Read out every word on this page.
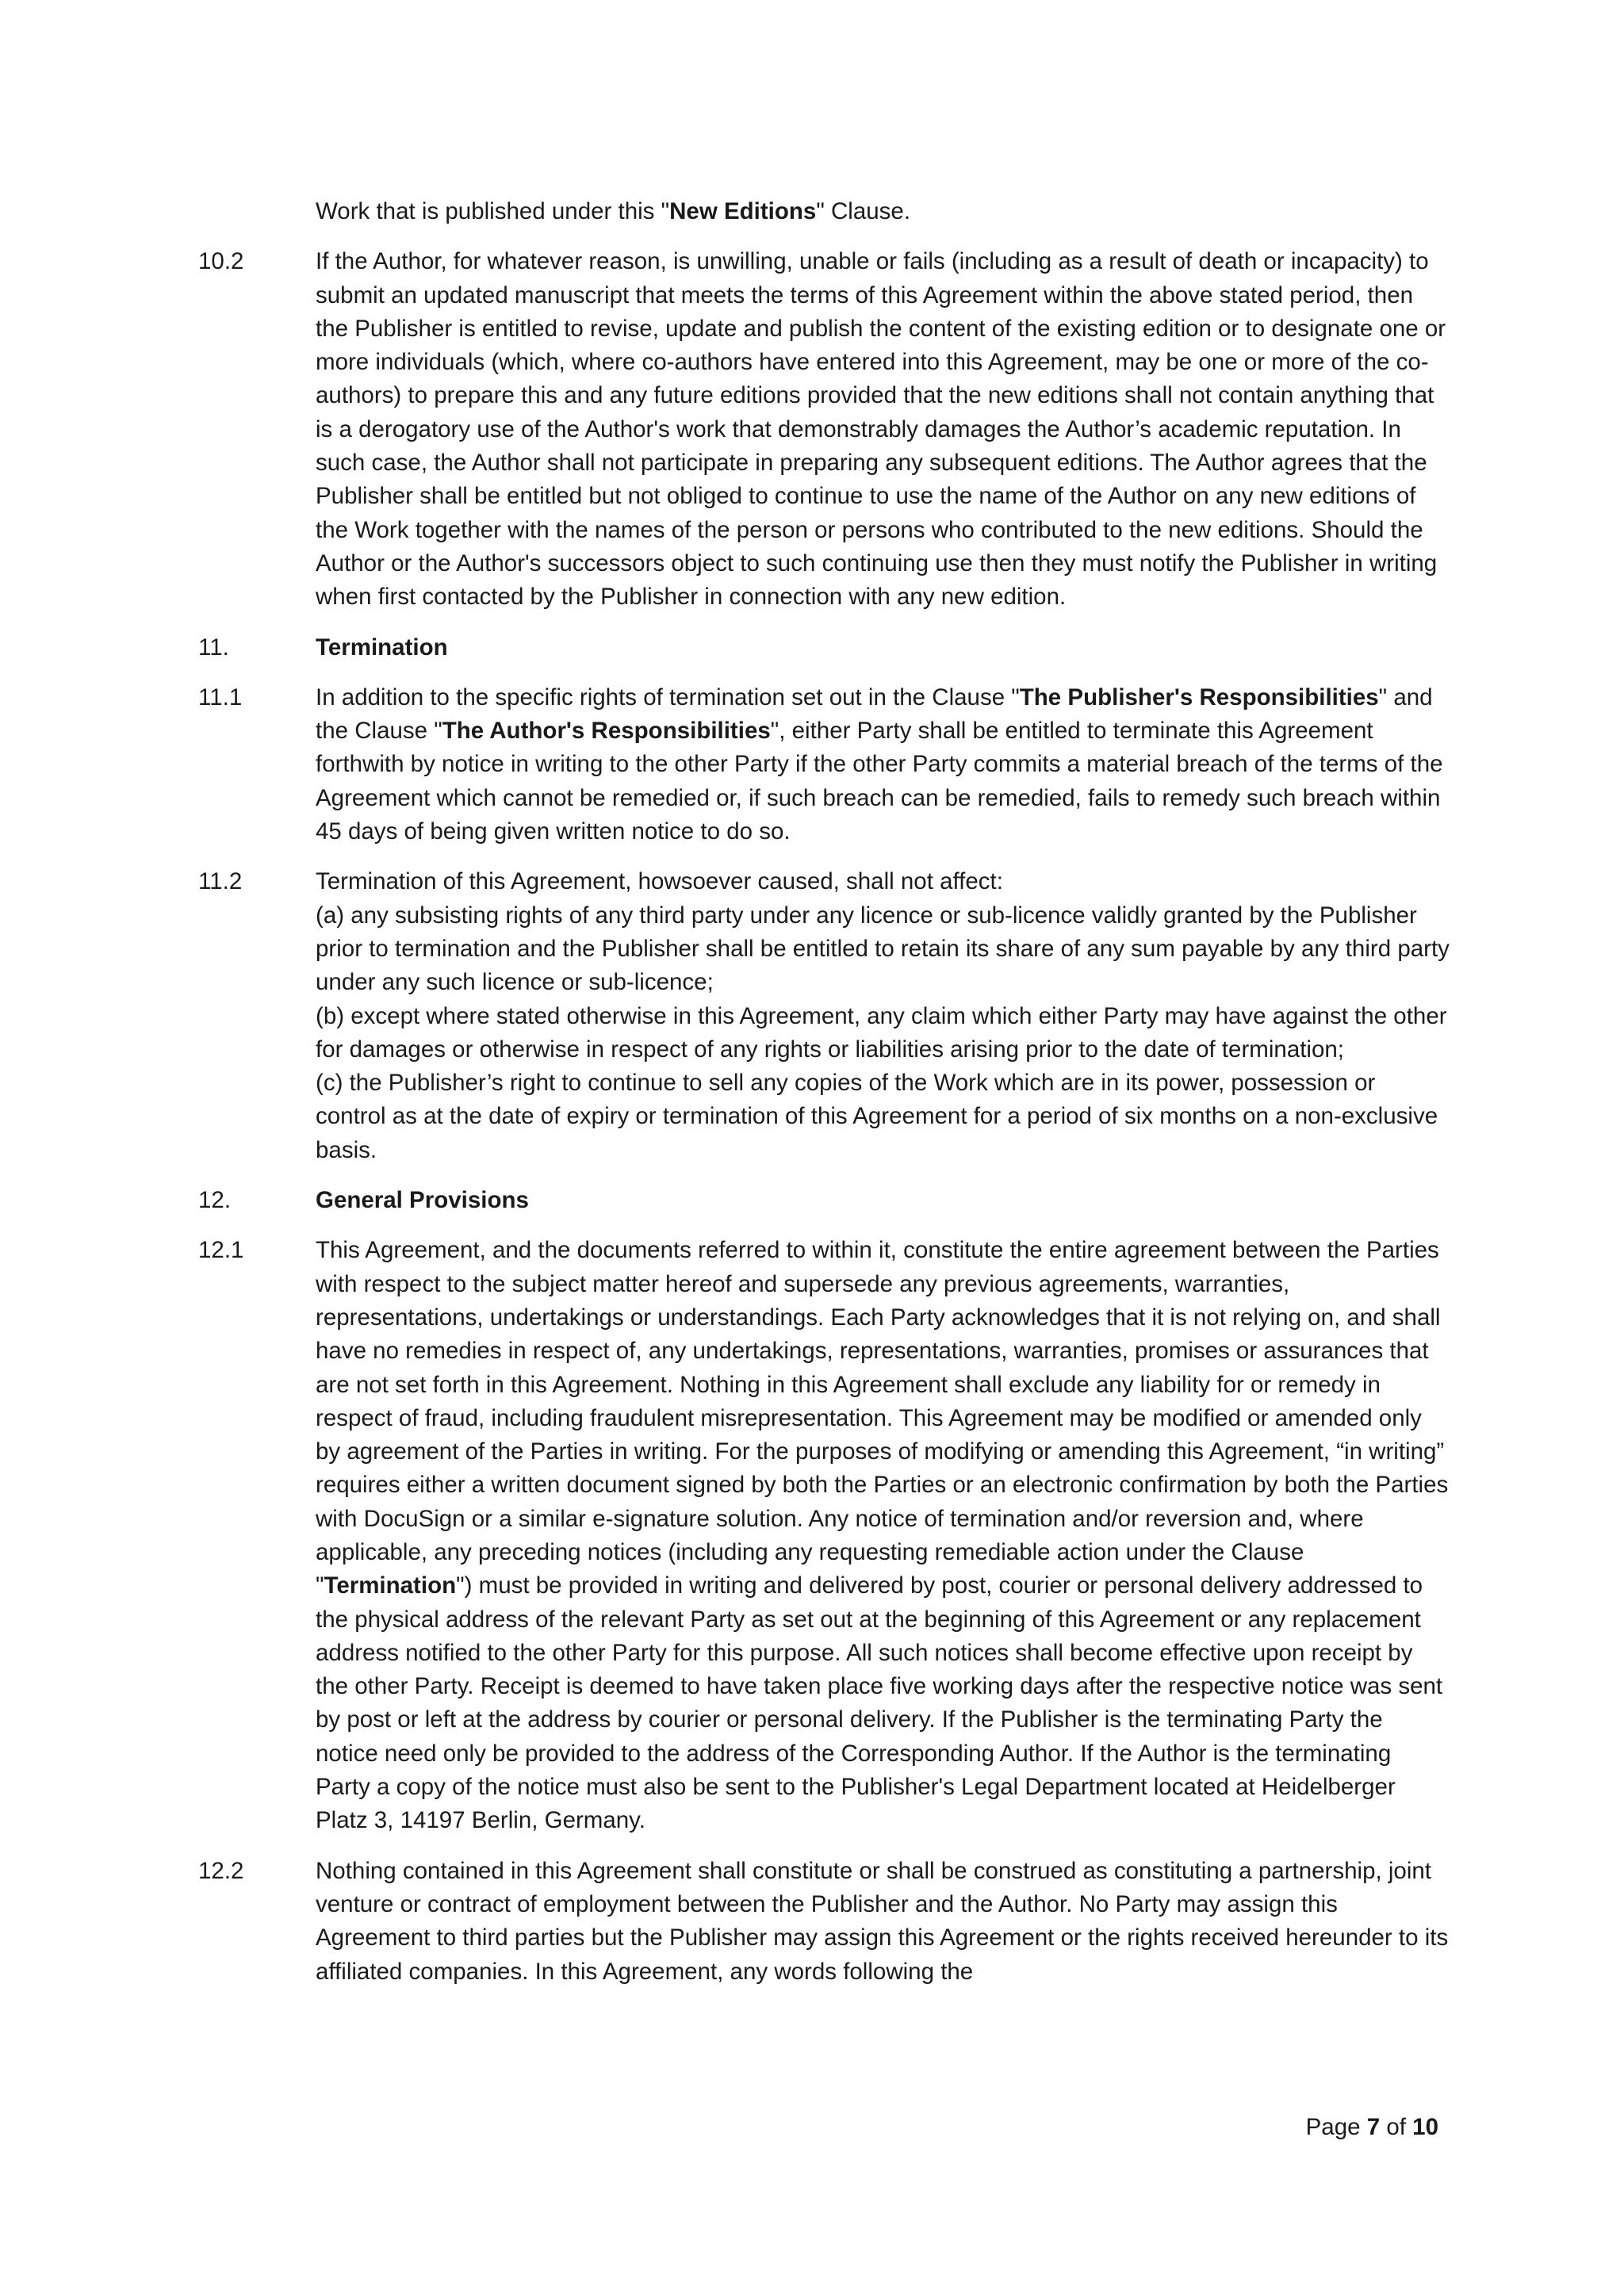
Work that is published under this "New Editions" Clause.
10.2	If the Author, for whatever reason, is unwilling, unable or fails (including as a result of death or incapacity) to submit an updated manuscript that meets the terms of this Agreement within the above stated period, then the Publisher is entitled to revise, update and publish the content of the existing edition or to designate one or more individuals (which, where co-authors have entered into this Agreement, may be one or more of the co-authors) to prepare this and any future editions provided that the new editions shall not contain anything that is a derogatory use of the Author's work that demonstrably damages the Author’s academic reputation. In such case, the Author shall not participate in preparing any subsequent editions. The Author agrees that the Publisher shall be entitled but not obliged to continue to use the name of the Author on any new editions of the Work together with the names of the person or persons who contributed to the new editions. Should the Author or the Author's successors object to such continuing use then they must notify the Publisher in writing when first contacted by the Publisher in connection with any new edition.
11.	Termination
11.1	In addition to the specific rights of termination set out in the Clause "The Publisher's Responsibilities" and the Clause "The Author's Responsibilities", either Party shall be entitled to terminate this Agreement forthwith by notice in writing to the other Party if the other Party commits a material breach of the terms of the Agreement which cannot be remedied or, if such breach can be remedied, fails to remedy such breach within 45 days of being given written notice to do so.
11.2	Termination of this Agreement, howsoever caused, shall not affect:
(a) any subsisting rights of any third party under any licence or sub-licence validly granted by the Publisher prior to termination and the Publisher shall be entitled to retain its share of any sum payable by any third party under any such licence or sub-licence;
(b) except where stated otherwise in this Agreement, any claim which either Party may have against the other for damages or otherwise in respect of any rights or liabilities arising prior to the date of termination;
(c) the Publisher’s right to continue to sell any copies of the Work which are in its power, possession or control as at the date of expiry or termination of this Agreement for a period of six months on a non-exclusive basis.
12.	General Provisions
12.1	This Agreement, and the documents referred to within it, constitute the entire agreement between the Parties with respect to the subject matter hereof and supersede any previous agreements, warranties, representations, undertakings or understandings. Each Party acknowledges that it is not relying on, and shall have no remedies in respect of, any undertakings, representations, warranties, promises or assurances that are not set forth in this Agreement. Nothing in this Agreement shall exclude any liability for or remedy in respect of fraud, including fraudulent misrepresentation. This Agreement may be modified or amended only by agreement of the Parties in writing. For the purposes of modifying or amending this Agreement, “in writing” requires either a written document signed by both the Parties or an electronic confirmation by both the Parties with DocuSign or a similar e-signature solution. Any notice of termination and/or reversion and, where applicable, any preceding notices (including any requesting remediable action under the Clause "Termination") must be provided in writing and delivered by post, courier or personal delivery addressed to the physical address of the relevant Party as set out at the beginning of this Agreement or any replacement address notified to the other Party for this purpose. All such notices shall become effective upon receipt by the other Party. Receipt is deemed to have taken place five working days after the respective notice was sent by post or left at the address by courier or personal delivery. If the Publisher is the terminating Party the notice need only be provided to the address of the Corresponding Author. If the Author is the terminating Party a copy of the notice must also be sent to the Publisher's Legal Department located at Heidelberger Platz 3, 14197 Berlin, Germany.
12.2	Nothing contained in this Agreement shall constitute or shall be construed as constituting a partnership, joint venture or contract of employment between the Publisher and the Author. No Party may assign this Agreement to third parties but the Publisher may assign this Agreement or the rights received hereunder to its affiliated companies. In this Agreement, any words following the
Page 7 of 10
